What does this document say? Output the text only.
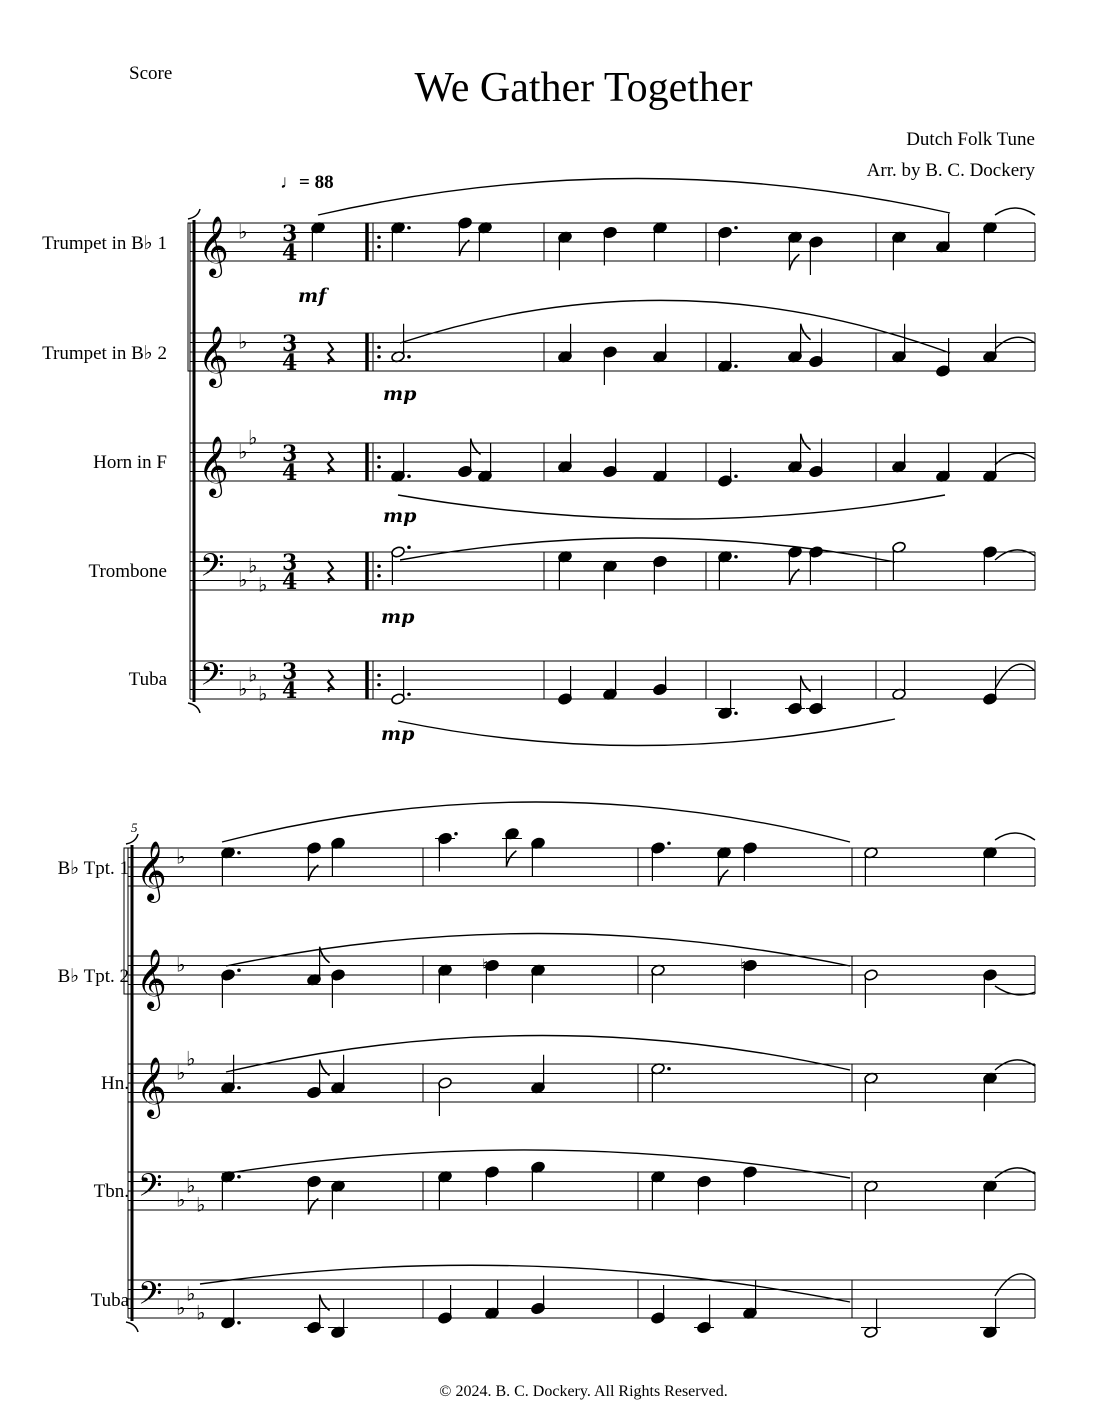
Score	We Gather Together
Dutch Folk Tune
Arr. by B. C. Dockery
♩= 88
Trumpet in B♭ 1
Trumpet in B♭ 2
Horn in F
Trombone
Tuba
5
B♭ Tpt. 1
B♭ Tpt. 2
Hn.
Tbn.
Tuba
𝄞 ♭ 3
4
𝄞 ♭ 3
4
𝄞 ♭
♭
3
4
𝄢 ♭
♭
♭
3
4
𝄢 ♭
♭
♭
3
4
mf
mp
mp
mp
mp
𝄞 ♭
𝄞 ♭
𝄞 ♭
♭
𝄢 ♭
♭
♭
𝄢 ♭
♭
♭
♮	♮
© 2024. B. C. Dockery. All Rights Reserved.
